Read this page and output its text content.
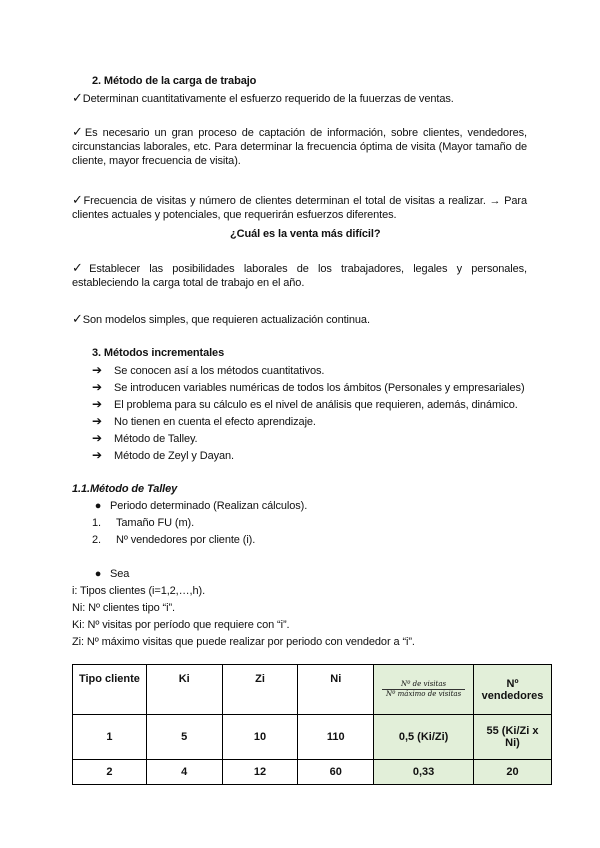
2. Método de la carga de trabajo
✓Determinan cuantitativamente el esfuerzo requerido de la fuuerzas de ventas.
✓Es necesario un gran proceso de captación de información, sobre clientes, vendedores, circunstancias laborales, etc. Para determinar la frecuencia óptima de visita (Mayor tamaño de cliente, mayor frecuencia de visita).
✓Frecuencia de visitas y número de clientes determinan el total de visitas a realizar. → Para clientes actuales y potenciales, que requerirán esfuerzos diferentes.
¿Cuál es la venta más difícil?
✓Establecer las posibilidades laborales de los trabajadores, legales y personales, estableciendo la carga total de trabajo en el año.
✓Son modelos simples, que requieren actualización continua.
3. Métodos incrementales
➔ Se conocen así a los métodos cuantitativos.
➔ Se introducen variables numéricas de todos los ámbitos (Personales y empresariales)
➔ El problema para su cálculo es el nivel de análisis que requieren, además, dinámico.
➔ No tienen en cuenta el efecto aprendizaje.
➔ Método de Talley.
➔ Método de Zeyl y Dayan.
1.1.Método de Talley
● Periodo determinado (Realizan cálculos).
1. Tamaño FU (m).
2. Nº vendedores por cliente (i).
● Sea
i: Tipos clientes (i=1,2,…,h).
Ni: Nº clientes tipo “i”.
Ki: Nº visitas por período que requiere con “i”.
Zi: Nº máximo visitas que puede realizar por periodo con vendedor a “i”.
Tipo cliente	Ki	Zi	Ni	$\frac{\text{Nº de visitas}}{\text{Nº máximo de visitas}}$	Nº vendedores
1	5	10	110	0,5 (Ki/Zi)	55 (Ki/Zi x Ni)
2	4	12	60	0,33	20
